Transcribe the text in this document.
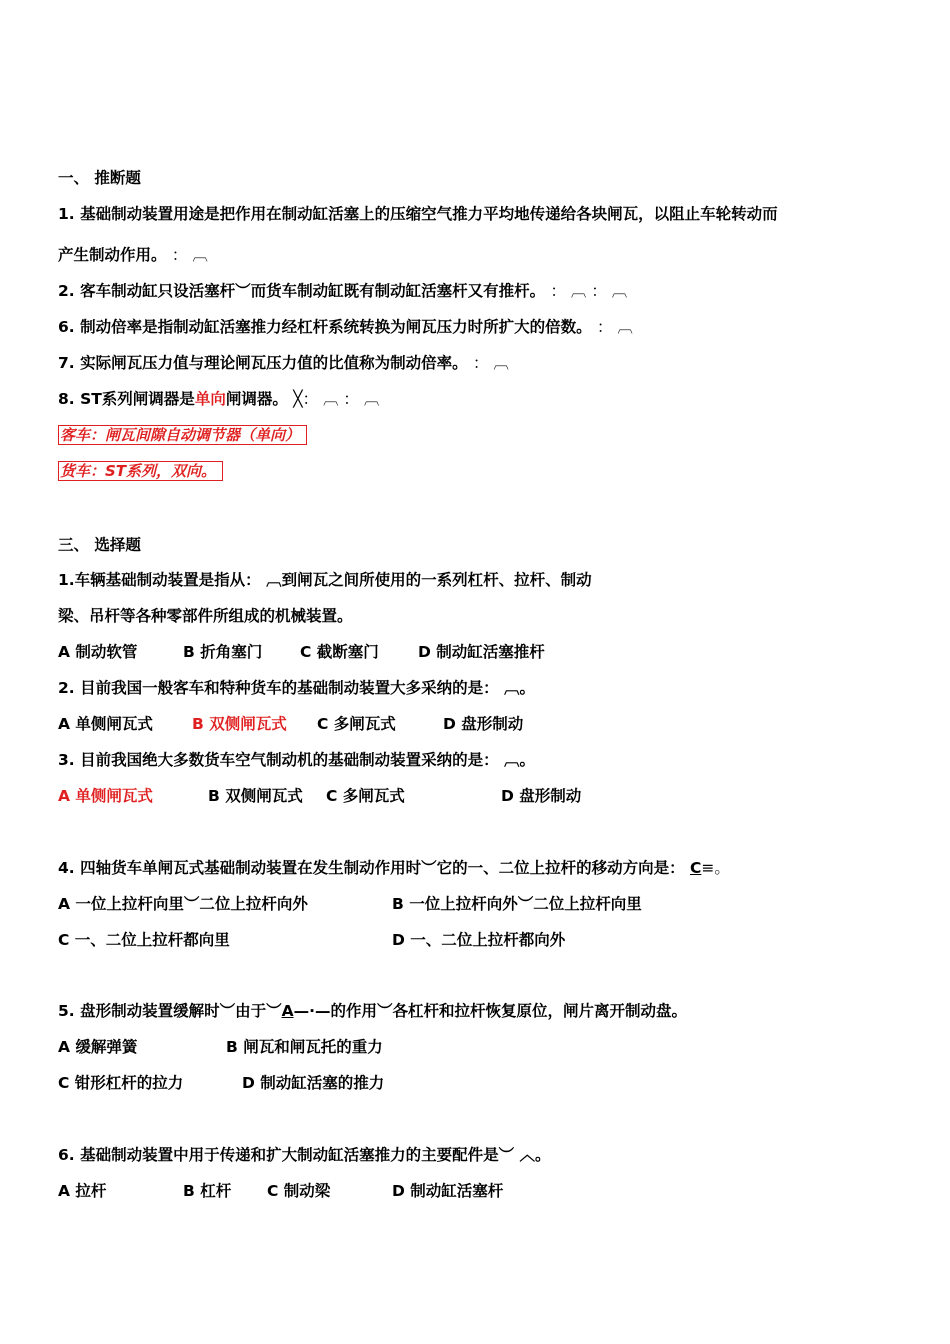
一、 推断题
1. 基础制动装置用途是把作用在制动缸活塞上的压缩空气推力平均地传递给各块闸瓦，以阻止车轮转动而
产生制动作用。 ： ︹
2. 客车制动缸只设活塞杆︶而货车制动缸既有制动缸活塞杆又有推杆。 ： ︹ ： ︹
6. 制动倍率是指制动缸活塞推力经杠杆系统转换为闸瓦压力时所扩大的倍数。 ： ︹
7. 实际闸瓦压力值与理论闸瓦压力值的比值称为制动倍率。 ： ︹
8. ST系列闸调器是单向闸调器。 ╳： ︹ ： ︹
客车：闸瓦间隙自动调节器（单向）
货车：ST系列，双向。
三、 选择题
1.车辆基础制动装置是指从： ︹到闸瓦之间所使用的一系列杠杆、拉杆、制动
梁、吊杆等各种零部件所组成的机械装置。
A 制动软管	B 折角塞门 C 截断塞门	D 制动缸活塞推杆
2. 目前我国一般客车和特种货车的基础制动装置大多采纳的是： ︹。
A 单侧闸瓦式	B 双侧闸瓦式 C 多闸瓦式	D 盘形制动
3. 目前我国绝大多数货车空气制动机的基础制动装置采纳的是： ︹。
A 单侧闸瓦式	B 双侧闸瓦式 C 多闸瓦式	D 盘形制动
4. 四轴货车单闸瓦式基础制动装置在发生制动作用时︶它的一、二位上拉杆的移动方向是： C≡。
A 一位上拉杆向里︶二位上拉杆向外	B 一位上拉杆向外︶二位上拉杆向里
C 一、二位上拉杆都向里	D 一、二位上拉杆都向外
5. 盘形制动装置缓解时︶由于︶A—·—的作用︶各杠杆和拉杆恢复原位，闸片离开制动盘。
A 缓解弹簧	B 闸瓦和闸瓦托的重力
C 钳形杠杆的拉力	D 制动缸活塞的推力
6. 基础制动装置中用于传递和扩大制动缸活塞推力的主要配件是︶ ︿。
A 拉杆	B 杠杆 C 制动梁	D 制动缸活塞杆
